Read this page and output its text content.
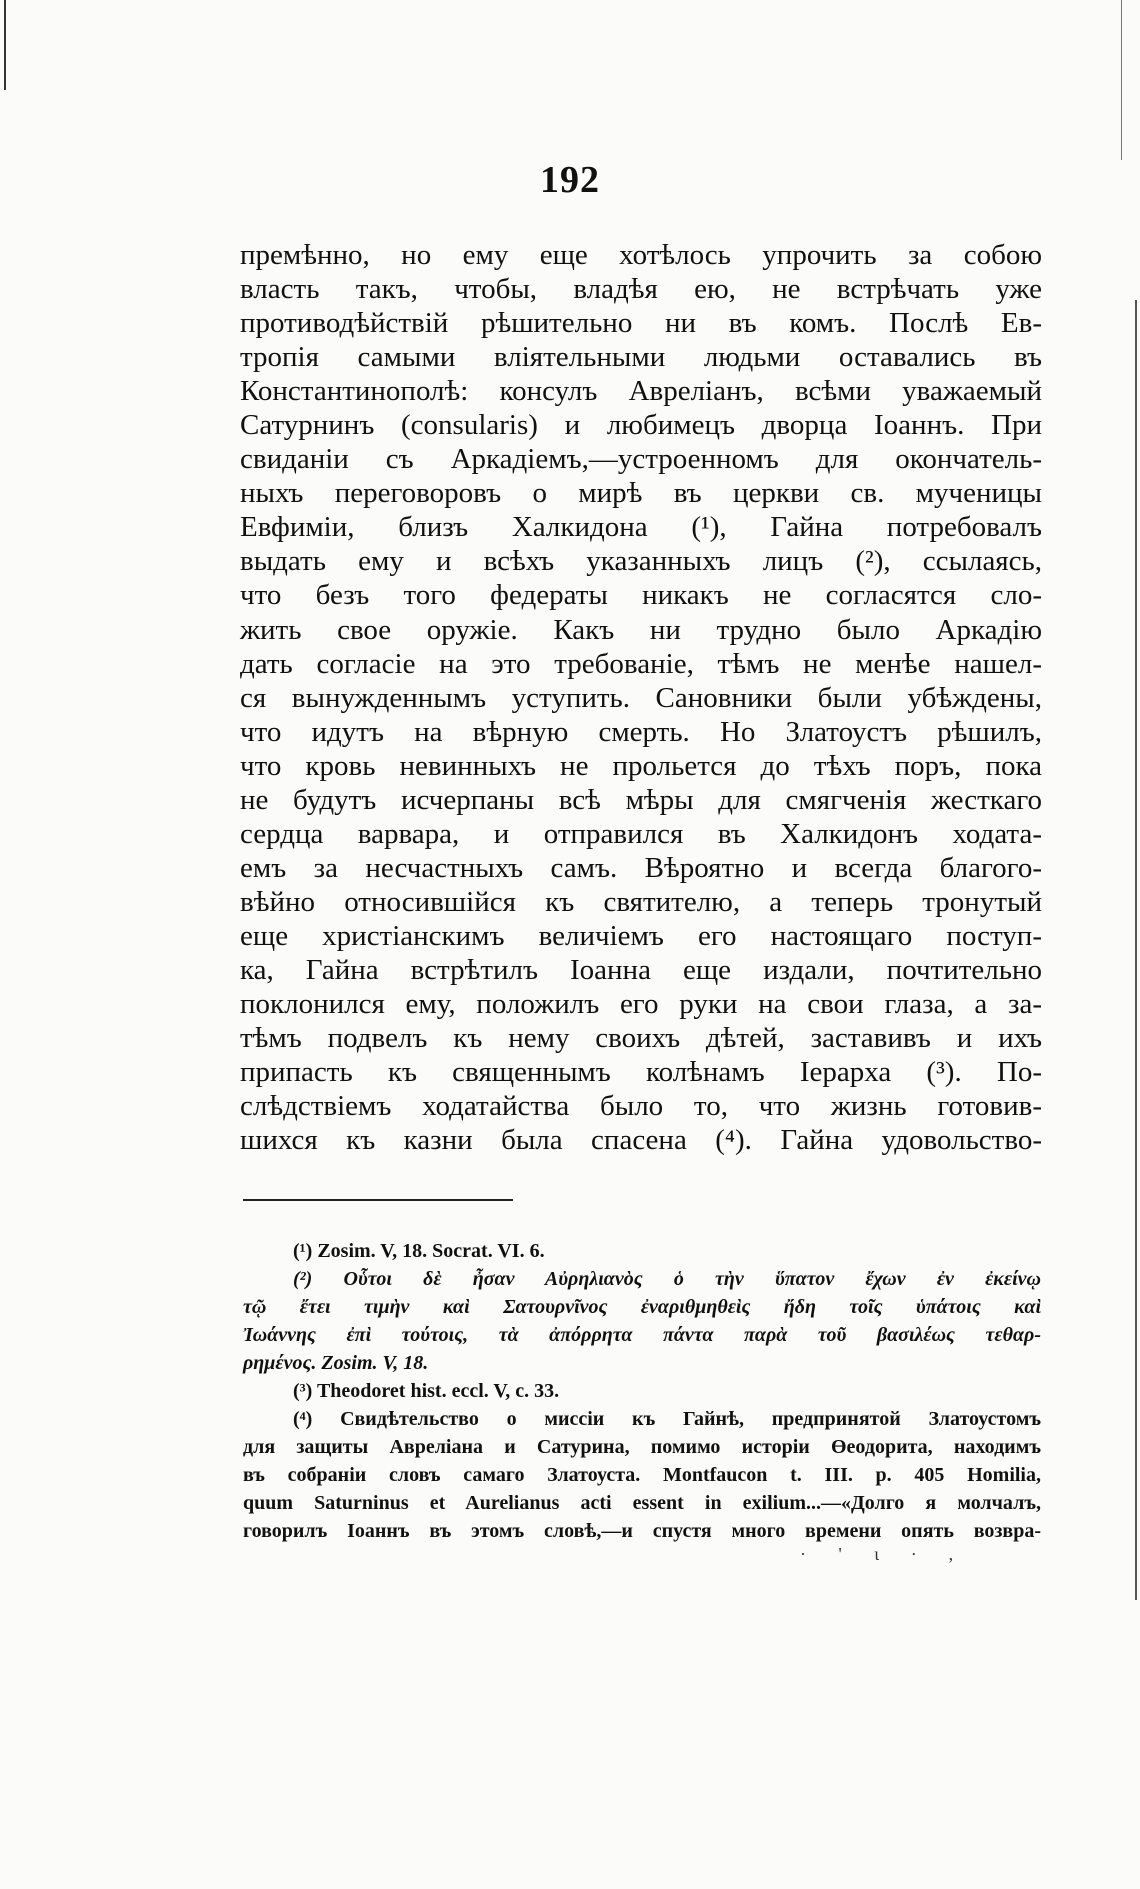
192
премѣнно, но ему еще хотѣлось упрочить за собою
власть такъ, чтобы, владѣя ею, не встрѣчать уже
противодѣйствій рѣшительно ни въ комъ. Послѣ Ев-
тропія самыми вліятельными людьми оставались въ
Константинополѣ: консулъ Авреліанъ, всѣми уважаемый
Сатурнинъ (consularis) и любимецъ дворца Іоаннъ. При
свиданіи съ Аркадіемъ,—устроенномъ для окончатель-
ныхъ переговоровъ о мирѣ въ церкви св. мученицы
Евфиміи, близъ Халкидона (¹), Гайна потребовалъ
выдать ему и всѣхъ указанныхъ лицъ (²), ссылаясь,
что безъ того федераты никакъ не согласятся сло-
жить свое оружіе. Какъ ни трудно было Аркадію
дать согласіе на это требованіе, тѣмъ не менѣе нашел-
ся вынужденнымъ уступить. Сановники были убѣждены,
что идутъ на вѣрную смерть. Но Златоустъ рѣшилъ,
что кровь невинныхъ не прольется до тѣхъ поръ, пока
не будутъ исчерпаны всѣ мѣры для смягченія жесткаго
сердца варвара, и отправился въ Халкидонъ ходата-
емъ за несчастныхъ самъ. Вѣроятно и всегда благого-
вѣйно относившійся къ святителю, а теперь тронутый
еще христіанскимъ величіемъ его настоящаго поступ-
ка, Гайна встрѣтилъ Іоанна еще издали, почтительно
поклонился ему, положилъ его руки на свои глаза, а за-
тѣмъ подвелъ къ нему своихъ дѣтей, заставивъ и ихъ
припасть къ священнымъ колѣнамъ Іерарха (³). По-
слѣдствіемъ ходатайства было то, что жизнь готовив-
шихся къ казни была спасена (⁴). Гайна удовольство-
(¹) Zosim. V, 18. Socrat. VI. 6.
(²) Οὗτοι δὲ ἦσαν Αὐρηλιανὸς ὁ τὴν ὕπατον ἔχων ἐν ἐκείνῳ
τῷ ἔτει τιμὴν καὶ Σατουρνῖνος ἐναριθμηθεὶς ἤδη τοῖς ὑπάτοις καὶ
Ἰωάννης ἐπὶ τούτοις, τὰ ἀπόρρητα πάντα παρὰ τοῦ βασιλέως τεθαρ-
ρημένος. Zosim. V, 18.
(³) Theodoret hist. eccl. V, c. 33.
(⁴) Свидѣтельство о миссіи къ Гайнѣ, предпринятой Златоустомъ
для защиты Авреліана и Сатурина, помимо исторіи Өеодорита, находимъ
въ собраніи словъ самаго Златоуста. Montfaucon t. III. p. 405 Homilia,
quum Saturninus et Aurelianus acti essent in exilium...—«Долго я молчалъ,
говорилъ Іоаннъ въ этомъ словѣ,—и спустя много времени опять возвра-
· ' ι ∙ ,
